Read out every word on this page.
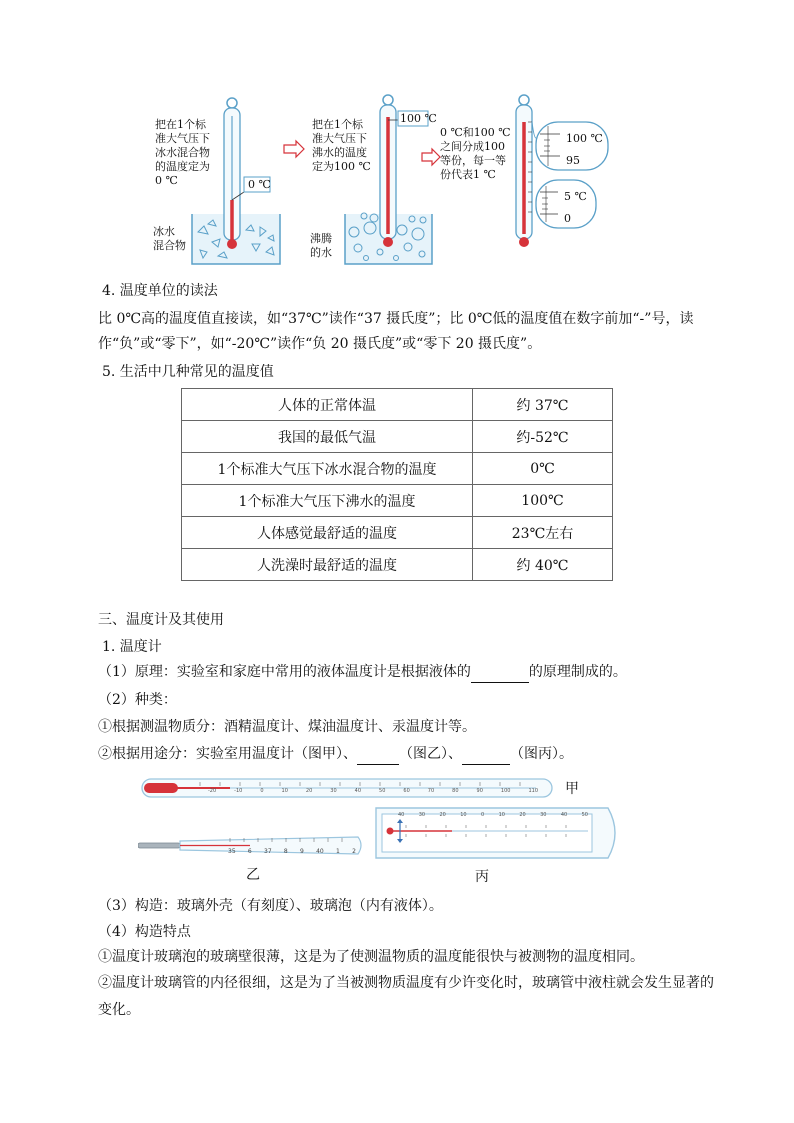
把在1个标
准大气压下
冰水混合物
的温度定为
0 ℃	0 ℃
冰水
混合物
把在1个标
准大气压下
沸水的温度
定为100 ℃
100 ℃
沸腾
的水
0 ℃和100 ℃
之间分成100
等份，每一等
份代表1 ℃
100 ℃
95
5 ℃
0
4. 温度单位的读法
比 0℃高的温度值直接读，如“37℃”读作“37 摄氏度”；比 0℃低的温度值在数字前加“-”号，读
作“负”或“零下”，如“-20℃”读作“负 20 摄氏度”或“零下 20 摄氏度”。
5. 生活中几种常见的温度值
人体的正常体温	约 37℃
我国的最低气温	约-52℃
1个标准大气压下冰水混合物的温度	0℃
1个标准大气压下沸水的温度	100℃
人体感觉最舒适的温度	23℃左右
人洗澡时最舒适的温度	约 40℃
三、温度计及其使用
1. 温度计
（1）原理：实验室和家庭中常用的液体温度计是根据液体的	的原理制成的。
（2）种类：
①根据测温物质分：酒精温度计、煤油温度计、汞温度计等。
②根据用途分：实验室用温度计（图甲）、	（图乙）、	（图丙）。
-20	-10	0	10	20	30	40	50	60	70	80	90	100	110 甲
35 6 37 8 9 40 1 2
乙
40	30	20	10	0	10	20	30	40	50
丙
（3）构造：玻璃外壳（有刻度）、玻璃泡（内有液体）。
（4）构造特点
①温度计玻璃泡的玻璃壁很薄，这是为了使测温物质的温度能很快与被测物的温度相同。
②温度计玻璃管的内径很细，这是为了当被测物质温度有少许变化时，玻璃管中液柱就会发生显著的
变化。
